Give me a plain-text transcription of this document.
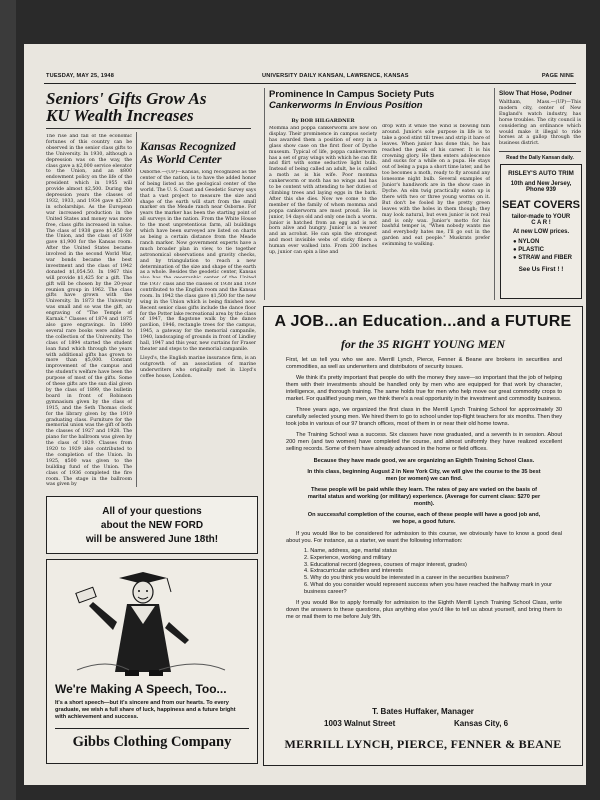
TUESDAY, MAY 25, 1948	UNIVERSITY DAILY KANSAN, LAWRENCE, KANSAS	PAGE NINE
Seniors' Gifts Grow As
KU Wealth Increases
The rise and fall of the economic fortunes of this country can be observed in the senior class gifts to the University. In 1930, although a depression was on the way, the class gave a $2,000 service elevator to the Union, and an $800 endowment policy on the life of the president which in 1955 will provide almost $2,500. During the depression years the classes of 1932, 1933, and 1934 gave $2,200 in scholarships. As the European war increased production in the United States and money was more free, class gifts increased in value. The class of 1938 gave $1,450 for the Union, and the class of 1939 gave $1,900 for the Kansas room. After the United States became involved in the second World War, war bonds became the best investment and the class of 1942 donated $1,054.50. In 1967 this will provide $1,425 for a gift. The gift will be chosen by the 20-year reunion group in 1962. The class gifts have grown with the University. In 1873 the University was small and so was the gift, an engraving of "The Temple of Karnak." Classes of 1874 and 1875 also gave engravings. In 1890 several rare books were added to the collection of the University. The class of 1894 started the student loan fund which through the years with additional gifts has grown to more than $5,000. Constant improvement of the campus and the student's welfare have been the purpose of most of the gifts. Some of these gifts are the sun dial given by the class of 1899, the bulletin board in front of Robinson gymnasium given by the class of 1915, and the Seth Thomas clock for the library given by the 1919 graduating class. Furniture for the memorial union was the gift of both the classes of 1927 and 1928. The piano for the ballroom was given by the class of 1929. Classes from 1920 to 1929 also contributed to the completion of the Union. In 1925, $500 was given to the building fund of the Union. The class of 1936 completed the fire room. The stage in the ballroom was given by
Kansas Recognized
As World Center
Osborne.—(UP)—Kansas, long recognized as the center of the nation, is to have the added honor of being listed as the geological center of the world. The U. S. Coast and Geodetic Survey says that a vast project to measure the size and shape of the earth will start from the small marker on the Meade ranch near Osborne. For years the marker has been the starting point of all surveys in the nation. From the White House to the most unpretentious farm, all buildings which have been surveyed are listed on charts as being a certain distance from the Meade ranch marker. Now government experts have a much broader plan in view, to tie together astronomical observations and gravity checks, and by triangulation to reach a new determination of the size and shape of the earth as a whole. Besides the geodetic center, Kansas
the 1937 class and the classes of 1938 and 1939 contributed to the English room and the Kansas room. In 1942 the class gave $1,500 for the new wing in the Union which is being finished now. Recent senior class gifts include the dance floor for the Potter lake recreational area by the class of 1947, the flagstone walk by the dance pavilion, 1946, rectangle trees for the campus, 1945, a gateway for the memorial campanile, 1940, landscaping of grounds in front of Lindley hall, 1947 and this year, new curtains for Fraser theater and steps to the memorial campanile.
Lloyd's, the English marine insurance firm, is an outgrowth of an association of marine underwriters who originally met in Lloyd's coffee house, London.
All of your questions
about the NEW FORD
will be answered June 18th!
We're Making A Speech, Too...
It's a short speech—but it's sincere and from our hearts. To every graduate, we wish a full share of luck, happiness and a future bright with achievement and success.
Gibbs Clothing Company
Prominence In Campus Society Puts
Cankerworms In Envious Position
By BOB HILGARDNER
Momma and poppa cankerworm are now on display. Their prominence in campus society has awarded them a position of envy in a glass show case on the first floor of Dyche museum. Typical of life, poppa cankerworm has a set of gray wings with which he can flit and flirt with some seductive light bulb. Instead of being called an adult, he is called a moth as is his wife. Poor momma cankerworm or moth has no wings and has to be content with attending to her duties of climbing trees and laying eggs in the bark. After this she dies. Now we come to the member of the family of whom momma and poppa cankerworm are most proud. He is junior, 14 days old and only one inch a worm. Junior is hatched from an egg and is not born alive and hungry. Junior is a weaver and an acrobat. He can spin the strongest and most invisible webs of sticky fibers a human ever walked into. From 200 inches up, junior can spin a line and
drop with it while the wind is blowing him around. Junior's sole purpose in life is to take a good stint till trees and strip it bare of leaves. When junior has done this, he has reached the peak of his career. It is his crowning glory. He then enters adolescence and sucks for a while on a pupa. He stays out of being a pupa a short time later, and he too becomes a moth, ready to fly around any lonesome night bulb. Several examples of Junior's handiwork are in the show case in Dyche. An elm twig practically eaten up is there with two or three young worms on it. But don't be fooled by the pretty green leaves with the holes in them though; they may look natural, but even junior is not real and is only wax. Junior's motto for his bashful temper is, "When nobody wants me and everybody hates me, I'll go out in the garden and eat people." Muskrats prefer swimming to walking.
Slow That Hose, Podner
Waltham, Mass.—(UP)—This modern city, center of New England's watch industry, has horse troubles. The city council is considering an ordinance which would make it illegal to ride horses at a gallop through the business district.
Read the Daily Kansan daily.
RISLEY'S AUTO TRIM
10th and New Jersey,
Phone 939
SEAT COVERS
tailor-made to YOUR
C A R !
At new LOW prices.
● NYLON
● PLASTIC
● STRAW and FIBER
See Us First ! !
A JOB...an Education...and a FUTURE
for the 35 RIGHT YOUNG MEN

First, let us tell you who we are. Merrill Lynch, Pierce, Fenner & Beane are brokers in securities and commodities, as well as underwriters and distributors of security issues.

We think it's pretty important that people do with the money they save—so important that the job of helping them with their investments should be handled only by men who are equipped for that work by character, intelligence, and thorough training. The same holds true for men who help move our great commodity crops to market. For qualified young men, we think there's a real opportunity in the investment and commodity business.

Three years ago, we organized the first class in the Merrill Lynch Training School for approximately 30 carefully selected young men. We hired them to go to school under top-flight teachers for six months. Then they took jobs in various of our 97 branch offices, most of them in or near their old home towns.

The Training School was a success. Six classes have now graduated, and a seventh is in session. About 200 men (and two women) have completed the course, and almost uniformly they have realized excellent selling records. Some of them have already advanced in the home or field offices.

Because they have made good, we are organizing an Eighth Training School Class.

In this class, beginning August 2 in New York City, we will give the course to the 35 best men (or women) we can find.

These people will be paid while they learn. The rates of pay are varied on the basis of marital status and working (or military) experience. (Average for current class: $270 per month).

On successful completion of the course, each of these people will have a good job and, we hope, a good future.

If you would like to be considered for admission to this course, we obviously have to know a good deal about you. For instance, as a starter, we want the following information:

1. Name, address, age, marital status
2. Experience, working and military
3. Educational record (degrees, courses of major interest, grades)
4. Extracurricular activities and interests
5. Why do you think you would be interested in a career in the securities business?
6. What do you consider would represent success when you have reached the halfway mark in your business career?

If you would like to apply formally for admission to the Eighth Merrill Lynch Training School Class, write down the answers to these questions, plus anything else you'd like to tell us about yourself, and bring them to me or mail them to me before July 9th.

T. Bates Huffaker, Manager
1003 Walnut Street	Kansas City, 6
MERRILL LYNCH, PIERCE, FENNER & BEANE
